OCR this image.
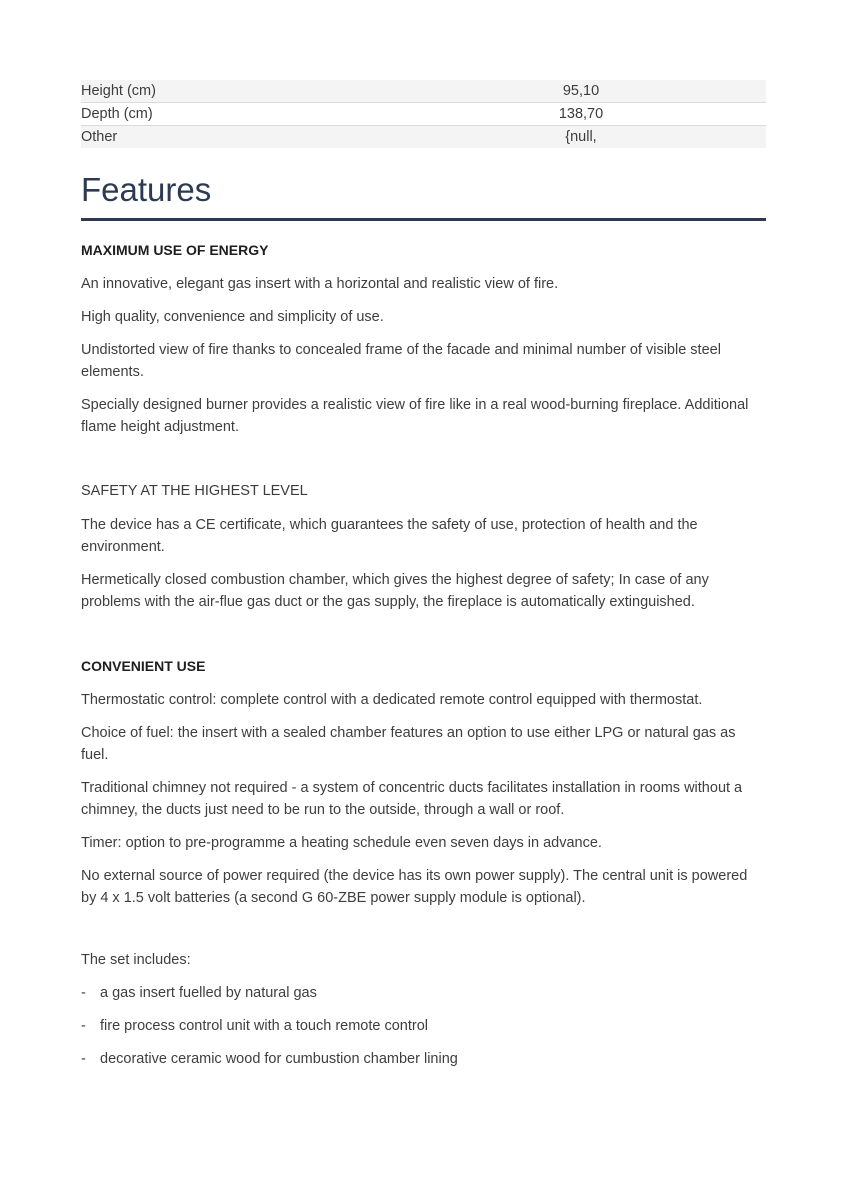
Height (cm)	95,10
Depth (cm)	138,70
Other	{null,
Features
MAXIMUM USE OF ENERGY

An innovative, elegant gas insert with a horizontal and realistic view of fire.

High quality, convenience and simplicity of use.

Undistorted view of fire thanks to concealed frame of the facade and minimal number of visible steel elements.

Specially designed burner provides a realistic view of fire like in a real wood-burning fireplace. Additional flame height adjustment.

SAFETY AT THE HIGHEST LEVEL

The device has a CE certificate, which guarantees the safety of use, protection of health and the environment.

Hermetically closed combustion chamber, which gives the highest degree of safety; In case of any problems with the air-flue gas duct or the gas supply, the fireplace is automatically extinguished.

CONVENIENT USE

Thermostatic control: complete control with a dedicated remote control equipped with thermostat.

Choice of fuel: the insert with a sealed chamber features an option to use either LPG or natural gas as fuel.

Traditional chimney not required - a system of concentric ducts facilitates installation in rooms without a chimney, the ducts just need to be run to the outside, through a wall or roof.

Timer: option to pre-programme a heating schedule even seven days in advance.

No external source of power required (the device has its own power supply). The central unit is powered by 4 x 1.5 volt batteries (a second G 60-ZBE power supply module is optional).

The set includes:
- a gas insert fuelled by natural gas
- fire process control unit with a touch remote control
- decorative ceramic wood for cumbustion chamber lining
